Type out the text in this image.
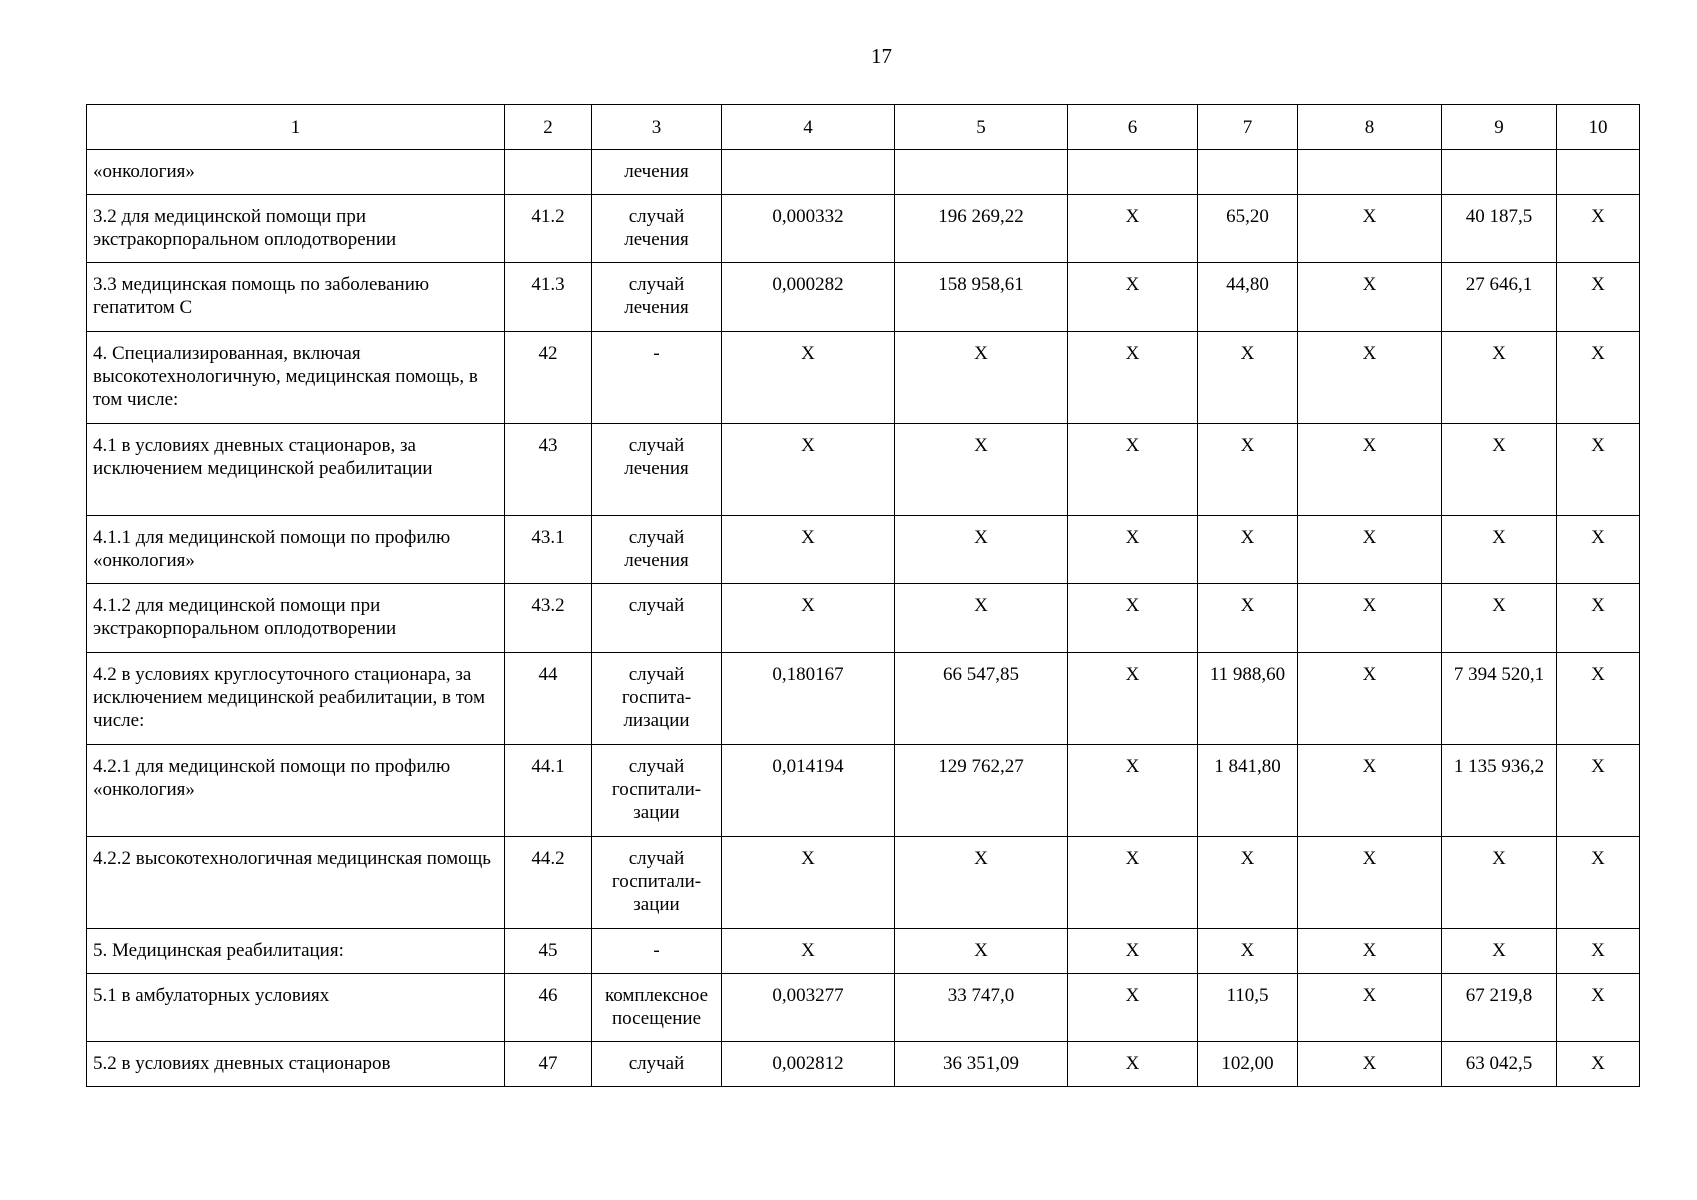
17
1	2	3	4	5	6	7	8	9	10
«онкология»		лечения							
3.2 для медицинской помощи при экстракорпоральном оплодотворении	41.2	случай лечения	0,000332	196 269,22	Х	65,20	Х	40 187,5	Х
3.3 медицинская помощь по заболеванию гепатитом С	41.3	случай лечения	0,000282	158 958,61	Х	44,80	Х	27 646,1	Х
4. Специализированная, включая высокотехнологичную, медицинская помощь, в том числе:	42	-	Х	Х	Х	Х	Х	Х	Х
4.1 в условиях дневных стационаров, за исключением медицинской реабилитации	43	случай лечения	Х	Х	Х	Х	Х	Х	Х
4.1.1 для медицинской помощи по профилю «онкология»	43.1	случай лечения	Х	Х	Х	Х	Х	Х	Х
4.1.2 для медицинской помощи при экстракорпоральном оплодотворении	43.2	случай	Х	Х	Х	Х	Х	Х	Х
4.2 в условиях круглосуточного стационара, за исключением медицинской реабилитации, в том числе:	44	случай госпита-лизации	0,180167	66 547,85	Х	11 988,60	Х	7 394 520,1	Х
4.2.1 для медицинской помощи по профилю «онкология»	44.1	случай госпитали-зации	0,014194	129 762,27	Х	1 841,80	Х	1 135 936,2	Х
4.2.2 высокотехнологичная медицинская помощь	44.2	случай госпитали-зации	Х	Х	Х	Х	Х	Х	Х
5. Медицинская реабилитация:	45	-	Х	Х	Х	Х	Х	Х	Х
5.1 в амбулаторных условиях	46	комплексное посещение	0,003277	33 747,0	Х	110,5	Х	67 219,8	Х
5.2 в условиях дневных стационаров	47	случай	0,002812	36 351,09	Х	102,00	Х	63 042,5	Х
